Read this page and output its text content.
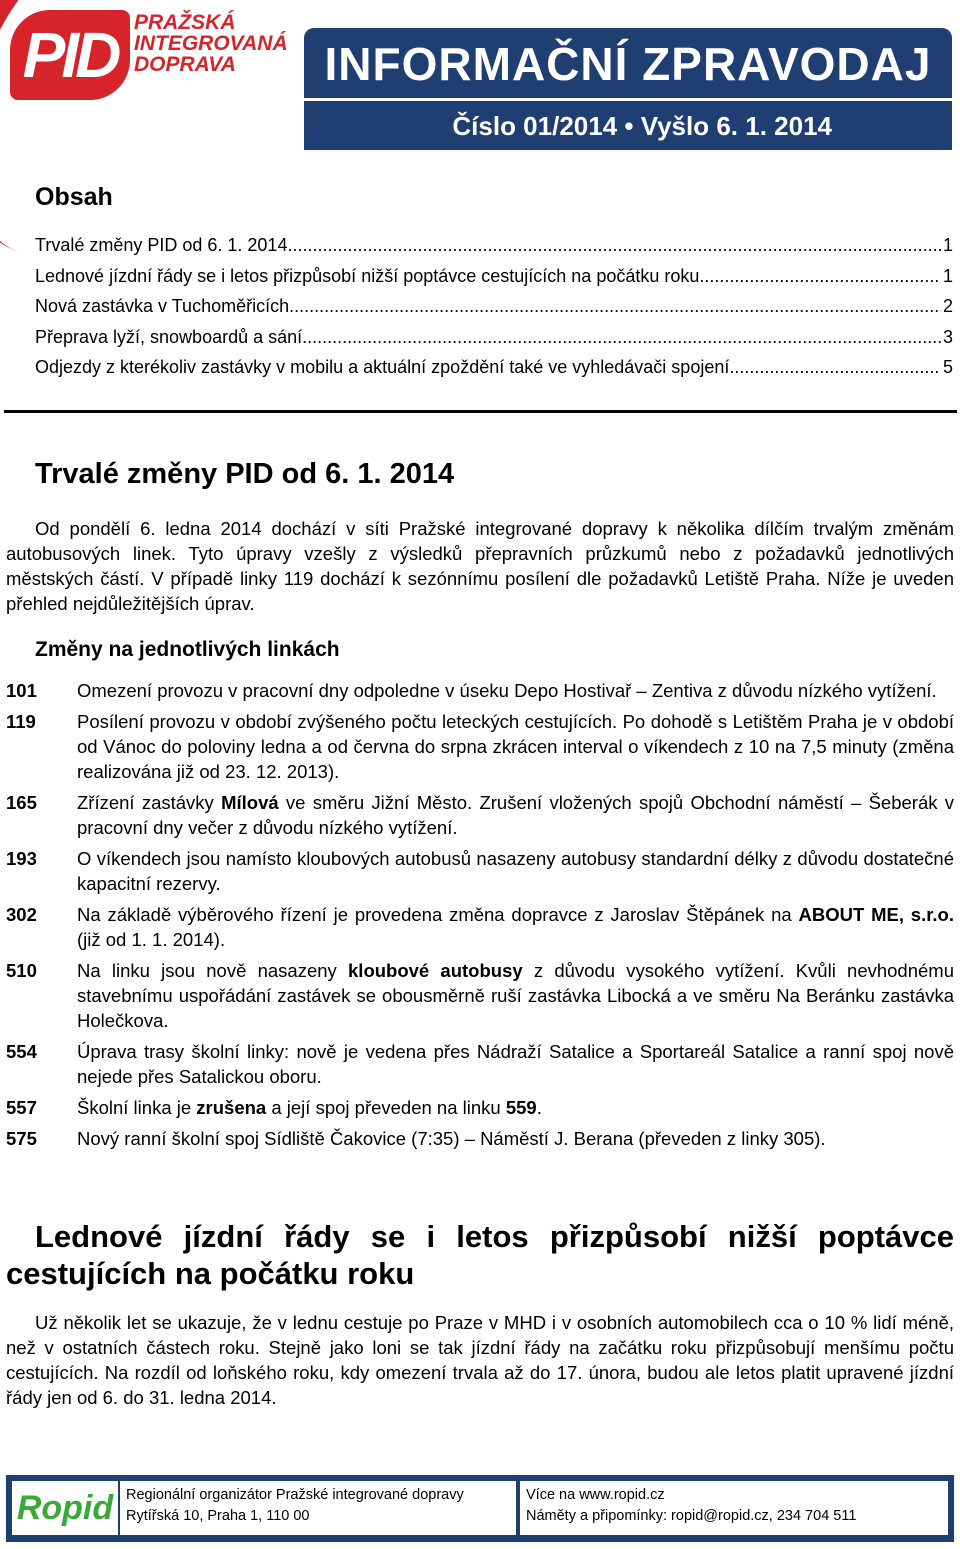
PID PRAŽSKÁ
INTEGROVANÁ
DOPRAVA	INFORMAČNÍ ZPRAVODAJ
Číslo 01/2014 • Vyšlo 6. 1. 2014
Obsah
Trvalé změny PID od 6. 1. 2014 .....	1
Lednové jízdní řády se i letos přizpůsobí nižší poptávce cestujících na počátku roku .....	1
Nová zastávka v Tuchoměřicích .....	2
Přeprava lyží, snowboardů a sání .....	3
Odjezdy z kterékoliv zastávky v mobilu a aktuální zpoždění také ve vyhledávači spojení .....	5
Trvalé změny PID od 6. 1. 2014
Od pondělí 6. ledna 2014 dochází v síti Pražské integrované dopravy k několika dílčím trvalým změnám autobusových linek. Tyto úpravy vzešly z výsledků přepravních průzkumů nebo z požadavků jednotlivých městských částí. V případě linky 119 dochází k sezónnímu posílení dle požadavků Letiště Praha. Níže je uveden přehled nejdůležitějších úprav.
Změny na jednotlivých linkách
101	Omezení provozu v pracovní dny odpoledne v úseku Depo Hostivař – Zentiva z důvodu nízkého vytížení.
119	Posílení provozu v období zvýšeného počtu leteckých cestujících. Po dohodě s Letištěm Praha je v období od Vánoc do poloviny ledna a od června do srpna zkrácen interval o víkendech z 10 na 7,5 minuty (změna realizována již od 23. 12. 2013).
165	Zřízení zastávky Mílová ve směru Jižní Město. Zrušení vložených spojů Obchodní náměstí – Šeberák v pracovní dny večer z důvodu nízkého vytížení.
193	O víkendech jsou namísto kloubových autobusů nasazeny autobusy standardní délky z důvodu dostatečné kapacitní rezervy.
302	Na základě výběrového řízení je provedena změna dopravce z Jaroslav Štěpánek na ABOUT ME, s.r.o. (již od 1. 1. 2014).
510	Na linku jsou nově nasazeny kloubové autobusy z důvodu vysokého vytížení. Kvůli nevhodnému stavebnímu uspořádání zastávek se obousměrně ruší zastávka Libocká a ve směru Na Beránku zastávka Holečkova.
554	Úprava trasy školní linky: nově je vedena přes Nádraží Satalice a Sportareál Satalice a ranní spoj nově nejede přes Satalickou oboru.
557	Školní linka je zrušena a její spoj převeden na linku 559.
575	Nový ranní školní spoj Sídliště Čakovice (7:35) – Náměstí J. Berana (převeden z linky 305).
Lednové jízdní řády se i letos přizpůsobí nižší poptávce cestujících na počátku roku
Už několik let se ukazuje, že v lednu cestuje po Praze v MHD i v osobních automobilech cca o 10 % lidí méně, než v ostatních částech roku. Stejně jako loni se tak jízdní řády na začátku roku přizpůsobují menšímu počtu cestujících. Na rozdíl od loňského roku, kdy omezení trvala až do 17. února, budou ale letos platit upravené jízdní řády jen od 6. do 31. ledna 2014.
Ropid Regionální organizátor Pražské integrované dopravy
Rytířská 10, Praha 1, 110 00
Více na www.ropid.cz
Náměty a připomínky: ropid@ropid.cz, 234 704 511
